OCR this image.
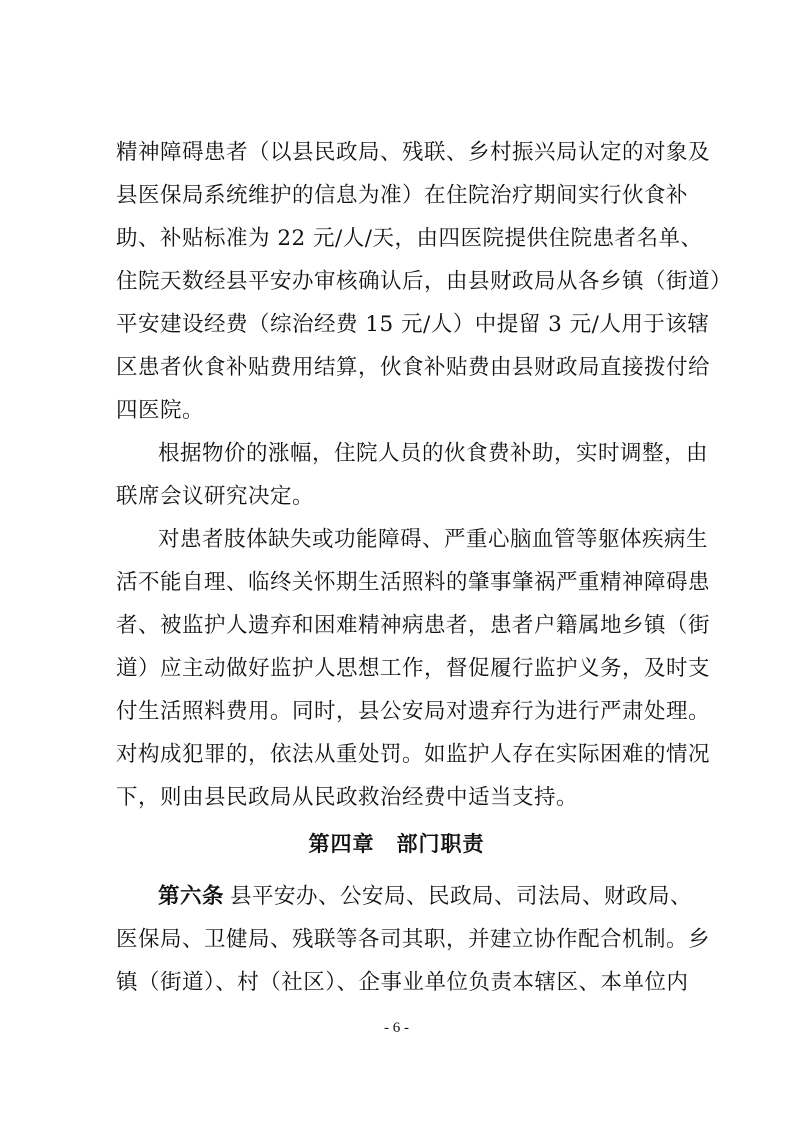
精神障碍患者（以县民政局、残联、乡村振兴局认定的对象及
县医保局系统维护的信息为准）在住院治疗期间实行伙食补
助、补贴标准为 22 元/人/天，由四医院提供住院患者名单、
住院天数经县平安办审核确认后，由县财政局从各乡镇（街道）
平安建设经费（综治经费 15 元/人）中提留 3 元/人用于该辖
区患者伙食补贴费用结算，伙食补贴费由县财政局直接拨付给
四医院。
根据物价的涨幅，住院人员的伙食费补助，实时调整，由
联席会议研究决定。
对患者肢体缺失或功能障碍、严重心脑血管等躯体疾病生
活不能自理、临终关怀期生活照料的肇事肇祸严重精神障碍患
者、被监护人遗弃和困难精神病患者，患者户籍属地乡镇（街
道）应主动做好监护人思想工作，督促履行监护义务，及时支
付生活照料费用。同时，县公安局对遗弃行为进行严肃处理。
对构成犯罪的，依法从重处罚。如监护人存在实际困难的情况
下，则由县民政局从民政救治经费中适当支持。
第四章　部门职责
第六条 县平安办、公安局、民政局、司法局、财政局、
医保局、卫健局、残联等各司其职，并建立协作配合机制。乡
镇（街道）、村（社区）、企事业单位负责本辖区、本单位内
- 6 -
